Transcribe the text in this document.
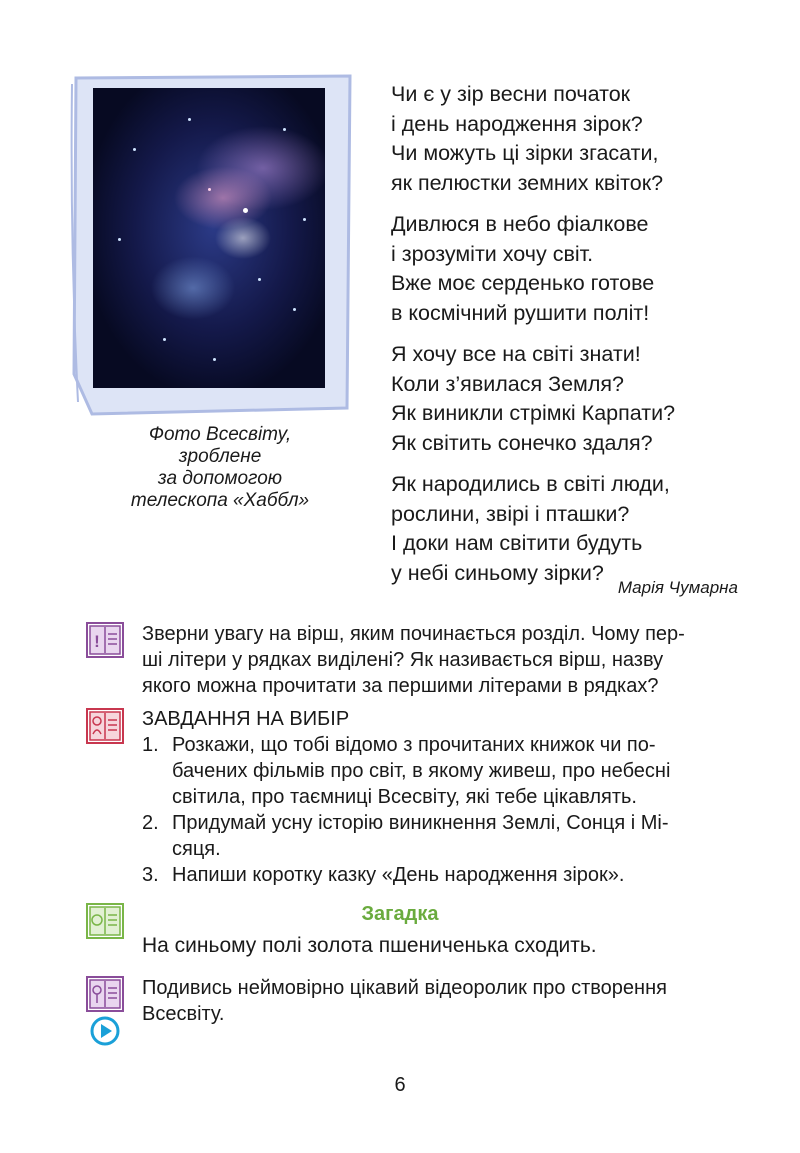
Фото Всесвіту,
зроблене
за допомогою
телескопа «Хаббл»
Чи є у зір весни початок
і день народження зірок?
Чи можуть ці зірки згасати,
як пелюстки земних квіток?
Дивлюся в небо фіалкове
і зрозуміти хочу світ.
Вже моє серденько готове
в космічний рушити політ!
Я хочу все на світі знати!
Коли з’явилася Земля?
Як виникли стрімкі Карпати?
Як світить сонечко здаля?
Як народились в світі люди,
рослини, звірі і пташки?
І доки нам світити будуть
у небі синьому зірки?
Марія Чумарна
! Зверни увагу на вірш, яким починається розділ. Чому пер-
ші літери у рядках виділені? Як називається вірш, назву
якого можна прочитати за першими літерами в рядках?
ЗАВДАННЯ НА ВИБІР
1. Розкажи, що тобі відомо з прочитаних книжок чи по-
бачених фільмів про світ, в якому живеш, про небесні
світила, про таємниці Всесвіту, які тебе цікавлять.
2. Придумай усну історію виникнення Землі, Сонця і Мі-
сяця.
3. Напиши коротку казку «День народження зірок».
Загадка
На синьому полі золота пшениченька сходить.
Подивись неймовірно цікавий відеоролик про створення
Всесвіту.
6
